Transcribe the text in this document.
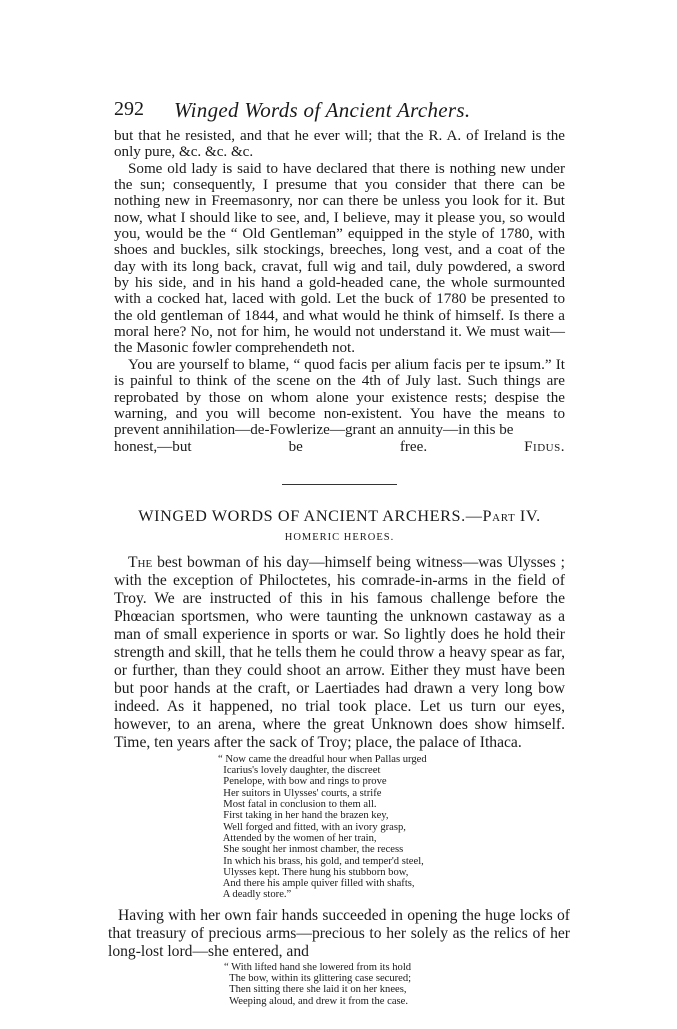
292 Winged Words of Ancient Archers.

but that he resisted, and that he ever will; that the R. A. of Ireland is the only pure, &c. &c. &c.

Some old lady is said to have declared that there is nothing new under the sun; consequently, I presume that you consider that there can be nothing new in Freemasonry, nor can there be unless you look for it. But now, what I should like to see, and, I believe, may it please you, so would you, would be the “ Old Gentleman” equipped in the style of 1780, with shoes and buckles, silk stockings, breeches, long vest, and a coat of the day with its long back, cravat, full wig and tail, duly powdered, a sword by his side, and in his hand a gold-headed cane, the whole surmounted with a cocked hat, laced with gold. Let the buck of 1780 be presented to the old gentleman of 1844, and what would he think of himself. Is there a moral here? No, not for him, he would not understand it. We must wait—the Masonic fowler comprehendeth not.

You are yourself to blame, “ quod facis per alium facis per te ipsum.” It is painful to think of the scene on the 4th of July last. Such things are reprobated by those on whom alone your existence rests; despise the warning, and you will become non-existent. You have the means to prevent annihilation—de-Fowlerize—grant an annuity—in this be

honest,—but be free.	Fidus.
WINGED WORDS OF ANCIENT ARCHERS.—Part IV.
HOMERIC HEROES.

The best bowman of his day—himself being witness—was Ulysses ; with the exception of Philoctetes, his comrade-in-arms in the field of Troy. We are instructed of this in his famous challenge before the Phœacian sportsmen, who were taunting the unknown castaway as a man of small experience in sports or war. So lightly does he hold their strength and skill, that he tells them he could throw a heavy spear as far, or further, than they could shoot an arrow. Either they must have been but poor hands at the craft, or Laertiades had drawn a very long bow indeed. As it happened, no trial took place. Let us turn our eyes, however, to an arena, where the great Unknown does show himself. Time, ten years after the sack of Troy; place, the palace of Ithaca.

“ Now came the dreadful hour when Pallas urged
Icarius's lovely daughter, the discreet
Penelope, with bow and rings to prove
Her suitors in Ulysses' courts, a strife
Most fatal in conclusion to them all.
First taking in her hand the brazen key,
Well forged and fitted, with an ivory grasp,
Attended by the women of her train,
She sought her inmost chamber, the recess
In which his brass, his gold, and temper'd steel,
Ulysses kept. There hung his stubborn bow,
And there his ample quiver filled with shafts,
A deadly store.”

Having with her own fair hands succeeded in opening the huge locks of that treasury of precious arms—precious to her solely as the relics of her long-lost lord—she entered, and

“ With lifted hand she lowered from its hold
The bow, within its glittering case secured;
Then sitting there she laid it on her knees,
Weeping aloud, and drew it from the case.
